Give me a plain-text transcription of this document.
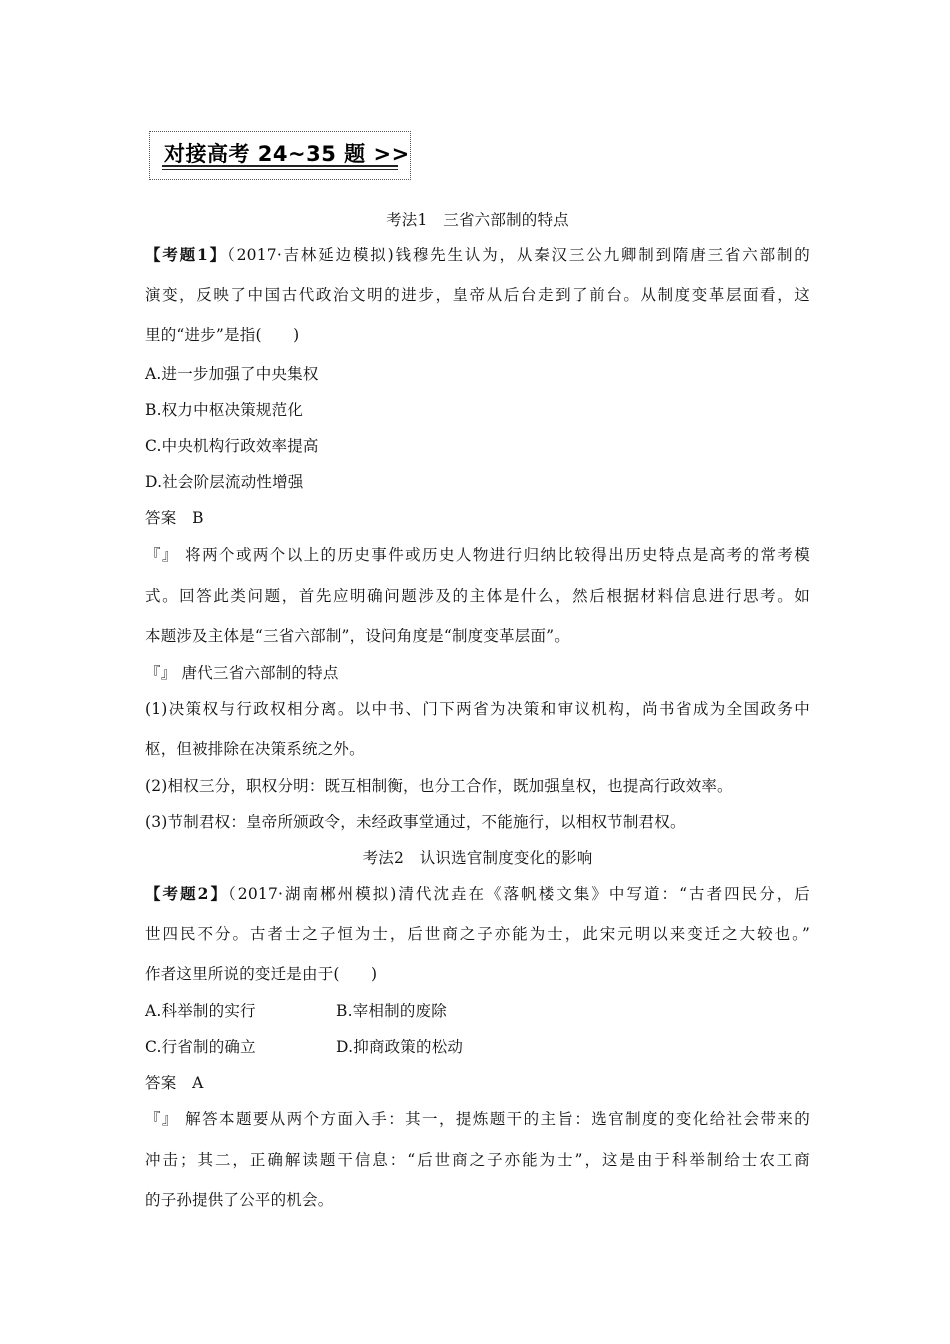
对接高考 24~35 题 >>
考法1　三省六部制的特点
【考题1】（2017·吉林延边模拟)钱穆先生认为，从秦汉三公九卿制到隋唐三省六部制的
演变，反映了中国古代政治文明的进步，皇帝从后台走到了前台。从制度变革层面看，这
里的“进步”是指(　　)
A.进一步加强了中央集权
B.权力中枢决策规范化
C.中央机构行政效率提高
D.社会阶层流动性增强
答案　B
『』 将两个或两个以上的历史事件或历史人物进行归纳比较得出历史特点是高考的常考模
式。回答此类问题，首先应明确问题涉及的主体是什么，然后根据材料信息进行思考。如
本题涉及主体是“三省六部制”，设问角度是“制度变革层面”。
『』 唐代三省六部制的特点
(1)决策权与行政权相分离。以中书、门下两省为决策和审议机构，尚书省成为全国政务中
枢，但被排除在决策系统之外。
(2)相权三分，职权分明：既互相制衡，也分工合作，既加强皇权，也提高行政效率。
(3)节制君权：皇帝所颁政令，未经政事堂通过，不能施行，以相权节制君权。
考法2　认识选官制度变化的影响
【考题2】（2017·湖南郴州模拟)清代沈垚在《落帆楼文集》中写道：“古者四民分，后
世四民不分。古者士之子恒为士，后世商之子亦能为士，此宋元明以来变迁之大较也。”
作者这里所说的变迁是由于(　　)
A.科举制的实行	B.宰相制的废除
C.行省制的确立	D.抑商政策的松动
答案　A
『』 解答本题要从两个方面入手：其一，提炼题干的主旨：选官制度的变化给社会带来的
冲击；其二，正确解读题干信息：“后世商之子亦能为士”，这是由于科举制给士农工商
的子孙提供了公平的机会。
